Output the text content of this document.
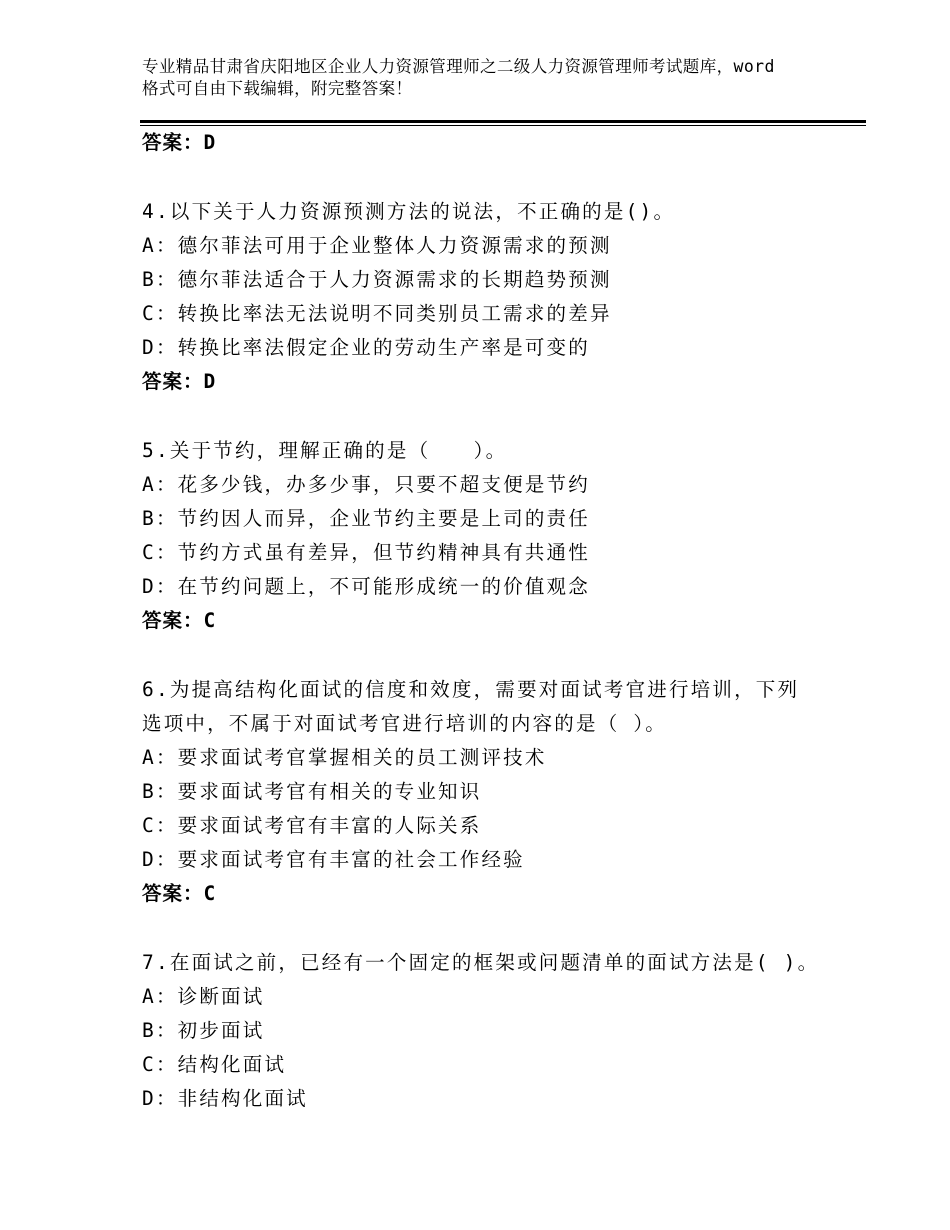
专业精品甘肃省庆阳地区企业人力资源管理师之二级人力资源管理师考试题库，word格式可自由下载编辑，附完整答案！
答案：D
4.以下关于人力资源预测方法的说法，不正确的是()。
A：德尔菲法可用于企业整体人力资源需求的预测
B：德尔菲法适合于人力资源需求的长期趋势预测
C：转换比率法无法说明不同类别员工需求的差异
D：转换比率法假定企业的劳动生产率是可变的
答案：D
5.关于节约，理解正确的是（　　）。
A：花多少钱，办多少事，只要不超支便是节约
B：节约因人而异，企业节约主要是上司的责任
C：节约方式虽有差异，但节约精神具有共通性
D：在节约问题上，不可能形成统一的价值观念
答案：C
6.为提高结构化面试的信度和效度，需要对面试考官进行培训，下列
选项中，不属于对面试考官进行培训的内容的是（ ）。
A：要求面试考官掌握相关的员工测评技术
B：要求面试考官有相关的专业知识
C：要求面试考官有丰富的人际关系
D：要求面试考官有丰富的社会工作经验
答案：C
7.在面试之前，已经有一个固定的框架或问题清单的面试方法是( )。
A：诊断面试
B：初步面试
C：结构化面试
D：非结构化面试
